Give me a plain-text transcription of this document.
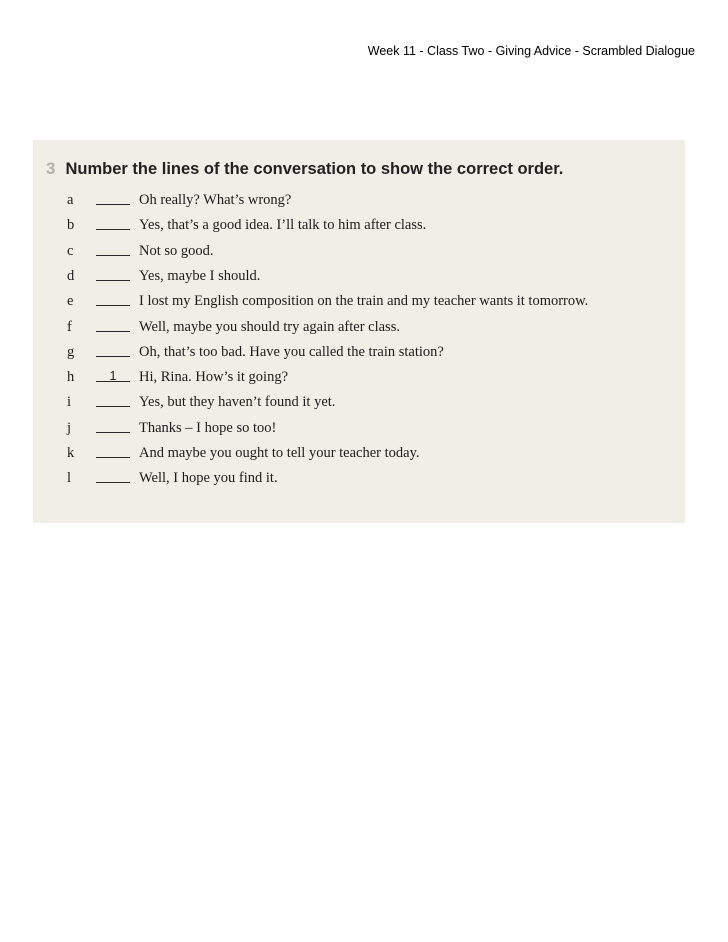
Week 11 - Class Two - Giving Advice - Scrambled Dialogue
3 Number the lines of the conversation to show the correct order.
a	Oh really? What’s wrong?
b	Yes, that’s a good idea. I’ll talk to him after class.
c	Not so good.
d	Yes, maybe I should.
e	I lost my English composition on the train and my teacher wants it tomorrow.
f	Well, maybe you should try again after class.
g	Oh, that’s too bad. Have you called the train station?
h	1	Hi, Rina. How’s it going?
i	Yes, but they haven’t found it yet.
j	Thanks – I hope so too!
k	And maybe you ought to tell your teacher today.
l	Well, I hope you find it.
